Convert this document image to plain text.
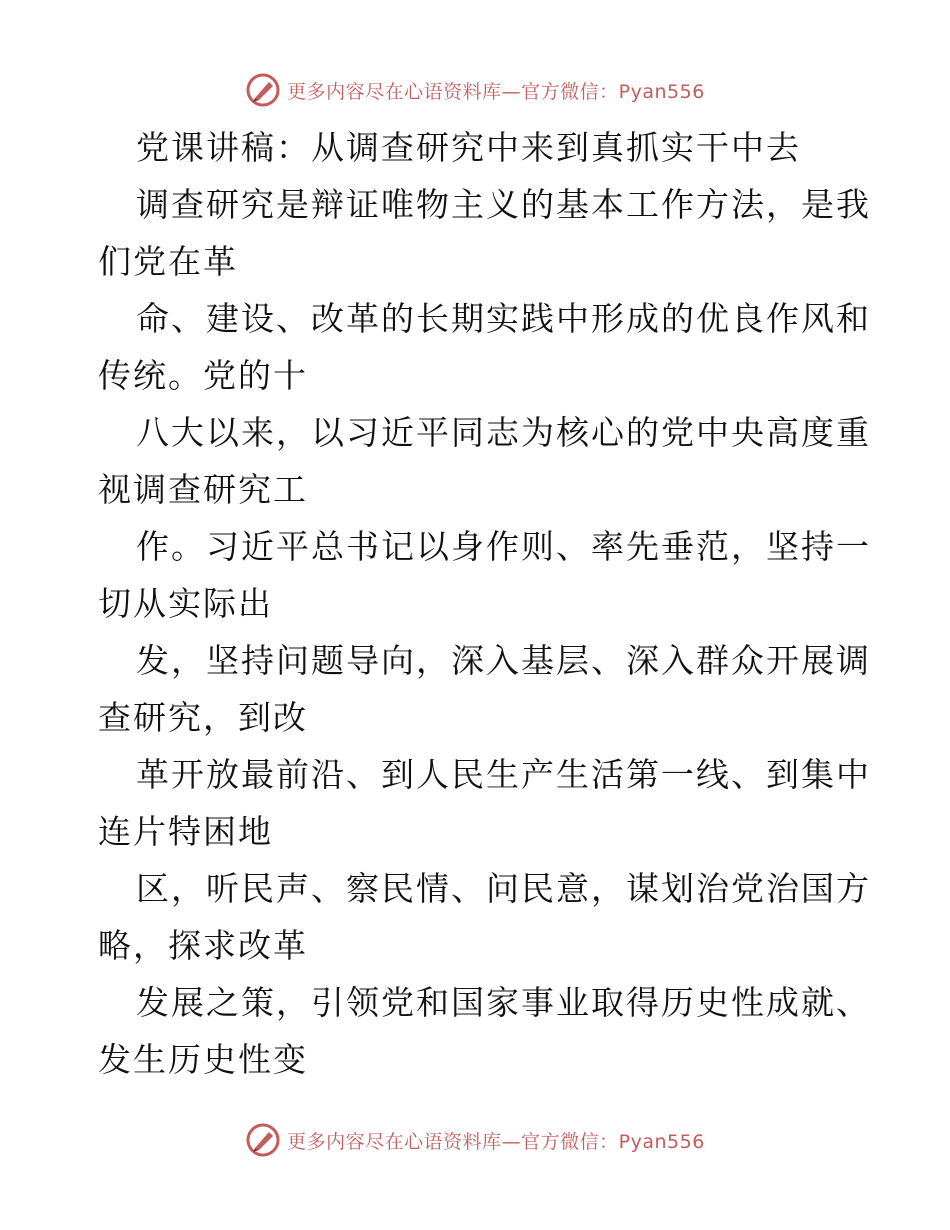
更多内容尽在心语资料库—官方微信：Pyan556
党课讲稿：从调查研究中来到真抓实干中去
调查研究是辩证唯物主义的基本工作方法，是我
们党在革
命、建设、改革的长期实践中形成的优良作风和
传统。党的十
八大以来，以习近平同志为核心的党中央高度重
视调查研究工
作。习近平总书记以身作则、率先垂范，坚持一
切从实际出
发，坚持问题导向，深入基层、深入群众开展调
查研究，到改
革开放最前沿、到人民生产生活第一线、到集中
连片特困地
区，听民声、察民情、问民意，谋划治党治国方
略，探求改革
发展之策，引领党和国家事业取得历史性成就、
发生历史性变
更多内容尽在心语资料库—官方微信：Pyan556
